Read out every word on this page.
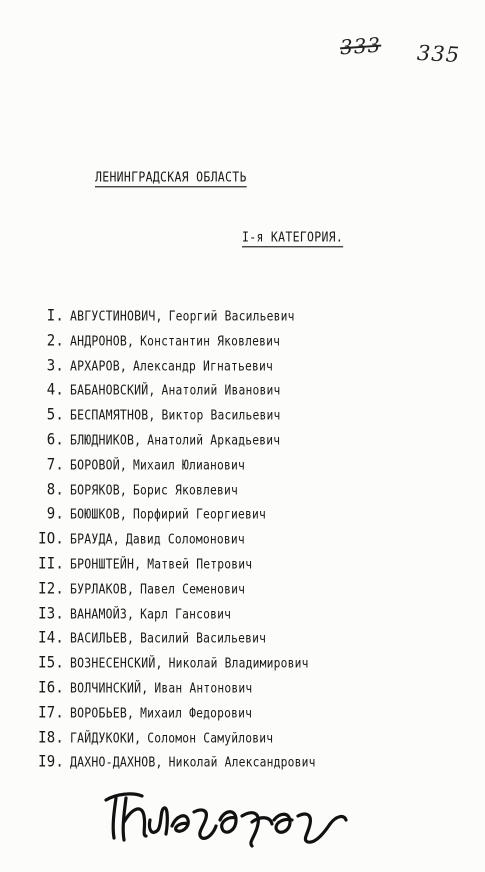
333 335
ЛЕНИНГРАДСКАЯ ОБЛАСТЬ
I-я КАТЕГОРИЯ.
I. АВГУСТИНОВИЧ, Георгий Васильевич
2. АНДРОНОВ, Константин Яковлевич
3. АРХАРОВ, Александр Игнатьевич
4. БАБАНОВСКИЙ, Анатолий Иванович
5. БЕСПАМЯТНОВ, Виктор Васильевич
6. БЛЮДНИКОВ, Анатолий Аркадьевич
7. БОРОВОЙ, Михаил Юлианович
8. БОРЯКОВ, Борис Яковлевич
9. БОЮШКОВ, Порфирий Георгиевич
IO. БРАУДА, Давид Соломонович
II. БРОНШТЕЙН, Матвей Петрович
I2. БУРЛАКОВ, Павел Семенович
I3. ВАНАМОЙЗ, Карл Гансович
I4. ВАСИЛЬЕВ, Василий Васильевич
I5. ВОЗНЕСЕНСКИЙ, Николай Владимирович
I6. ВОЛЧИНСКИЙ, Иван Антонович
I7. ВОРОБЬЕВ, Михаил Федорович
I8. ГАЙДУКОКИ, Соломон Самуйлович
I9. ДАХНО-ДАХНОВ, Николай Александрович
